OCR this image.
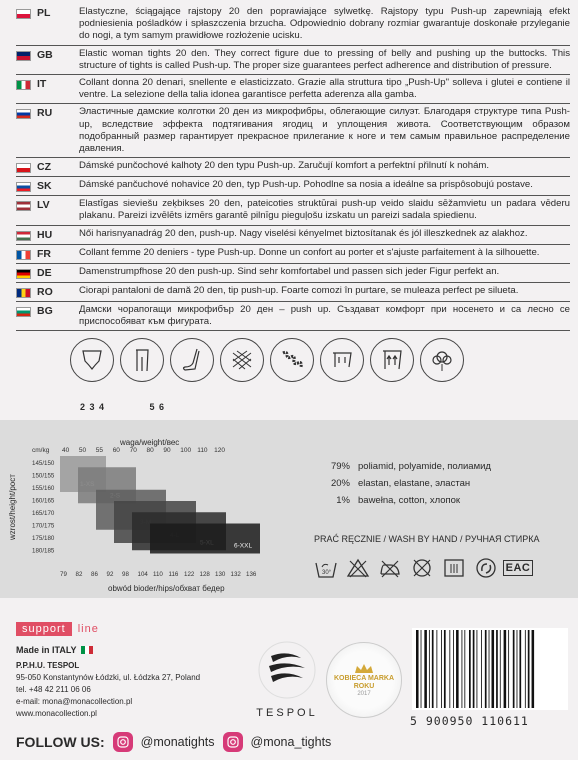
PL	Elastyczne, ściągające rajstopy 20 den poprawiające sylwetkę. Rajstopy typu Push-up zapewniają efekt podniesienia pośladków i spłaszczenia brzucha. Odpowiednio dobrany rozmiar gwarantuje doskonałe przyleganie do nogi, a tym samym prawidłowe rozłożenie ucisku.
GB	Elastic woman tights 20 den. They correct figure due to pressing of belly and pushing up the buttocks. This structure of tights is called Push-up. The proper size guarantees perfect adherence and distribution of pressure.
IT	Collant donna 20 denari, snellente e elasticizzato. Grazie alla struttura tipo „Push-Up" solleva i glutei e contiene il ventre. La selezione della talia idonea garantisce perfetta aderenza alla gamba.
RU	Эластичные дамские колготки 20 ден из микрофибры, облегающие силуэт. Благодаря структуре типа Push-up, вследствие эффекта подтягивания ягодиц и уплощения живота. Соответствующим образом подобранный размер гарантирует прекрасное прилегание к ноге и тем самым правильное распределение давления.
CZ	Dámské punčochové kalhoty 20 den typu Push-up. Zaručují komfort a perfektní přilnutí k nohám.
SK	Dámské pančuchové nohavice 20 den, typ Push-up. Pohodlne sa nosia a ideálne sa prispôsobujú postave.
LV	Elastīgas sieviešu zeķbikses 20 den, pateicoties struktūrai push-up veido slaidu sēžamvietu un padara vēderu plakanu. Pareizi izvēlēts izmērs garantē pilnīgu pieguļošu izskatu un pareizi sadala spiedienu.
HU	Női harisnyanadrág 20 den, push-up. Nagy viselési kényelmet biztosítanak és jól illeszkednek az alakhoz.
FR	Collant femme 20 deniers - type Push-up. Donne un confort au porter et s'ajuste parfaitement à la silhouette.
DE	Damenstrumpfhose 20 den push-up. Sind sehr komfortabel und passen sich jeder Figur perfekt an.
RO	Ciorapi pantaloni de damă 20 den, tip push-up. Foarte comozi în purtare, se muleaza perfect pe silueta.
BG	Дамски чорапогащи микрофибър 20 ден – push up. Създават комфорт при носенето и са лесно се приспособяват към фигурата.
2 3 4	5 6
waga/weight/вес
wzrost/height/рост
cm/kg 40 50 55 60 70 80 90 100 110 120
145/150
150/155
155/160
160/165
165/170
170/175
175/180
180/185
6-XXL
79 82 86 92 98 104 110 116 122 128 130 132 136
obwód bioder/hips/обхват бедер
79% poliamid, polyamide, полиамид
20% elastan, elastane, эластан
1% bawełna, cotton, хлопок
PRAĆ RĘCZNIE / WASH BY HAND / РУЧНАЯ СТИРКА
30°	EAC
support	line
Made in ITALY
P.P.H.U. TESPOL
95-050 Konstantynów Łódzki, ul. Łódzka 27, Poland
tel. +48 42 211 06 06
e-mail: mona@monacollection.pl
www.monacollection.pl
FOLLOW US:	@monatights	@mona_tights
TESPOL
KOBIECA MARKA
ROKU
2017
5 900950 110611
